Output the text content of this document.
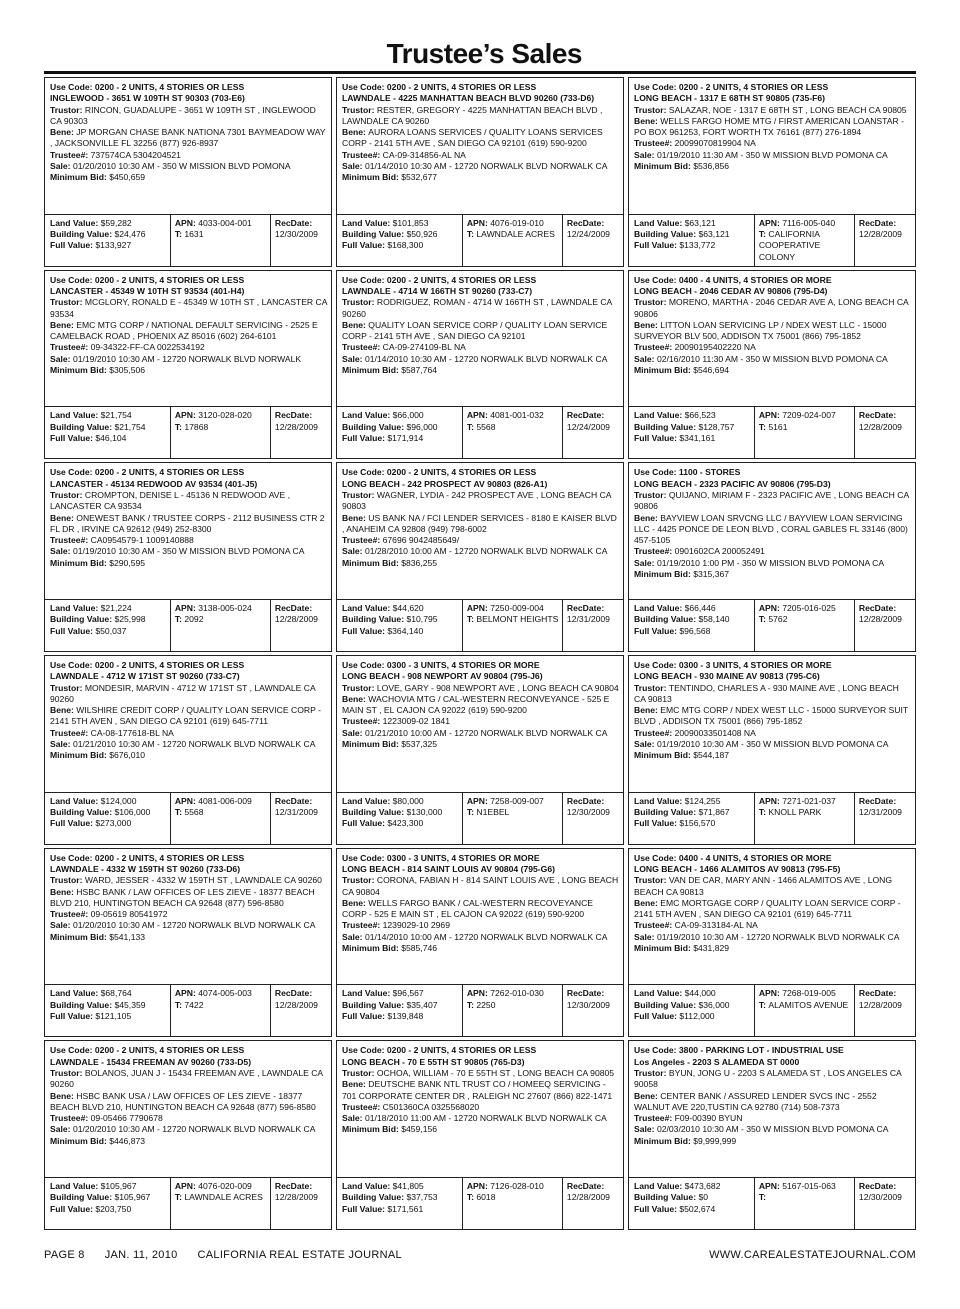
Trustee’s Sales
Use Code: 0200 - 2 UNITS, 4 STORIES OR LESS
INGLEWOOD - 3651 W 109TH ST 90303 (703-E6)
Trustor: RINCON, GUADALUPE - 3651 W 109TH ST , INGLEWOOD CA 90303
Bene: JP MORGAN CHASE BANK NATIONA 7301 BAYMEADOW WAY , JACKSONVILLE FL 32256 (877) 926-8937
Trustee#: 737574CA 5304204521
Sale: 01/20/2010 10:30 AM - 350 W MISSION BLVD POMONA
Minimum Bid: $450,659
Land Value: $59,282
Building Value: $24,476
Full Value: $133,927
APN: 4033-004-001
T: 1631
RecDate:
12/30/2009
Use Code: 0200 - 2 UNITS, 4 STORIES OR LESS
LAWNDALE - 4225 MANHATTAN BEACH BLVD 90260 (733-D6)
Trustor: RESTER, GREGORY - 4225 MANHATTAN BEACH BLVD , LAWNDALE CA 90260
Bene: AURORA LOANS SERVICES / QUALITY LOANS SERVICES CORP - 2141 5TH AVE , SAN DIEGO CA 92101 (619) 590-9200
Trustee#: CA-09-314856-AL NA
Sale: 01/14/2010 10:30 AM - 12720 NORWALK BLVD NORWALK CA
Minimum Bid: $532,677
Land Value: $101,853
Building Value: $50,926
Full Value: $168,300
APN: 4076-019-010
T: LAWNDALE ACRES
RecDate:
12/24/2009
Use Code: 0200 - 2 UNITS, 4 STORIES OR LESS
LONG BEACH - 1317 E 68TH ST 90805 (735-F6)
Trustor: SALAZAR, NOE - 1317 E 68TH ST , LONG BEACH CA 90805
Bene: WELLS FARGO HOME MTG / FIRST AMERICAN LOANSTAR - PO BOX 961253, FORT WORTH TX 76161 (877) 276-1894
Trustee#: 20099070819904 NA
Sale: 01/19/2010 11:30 AM - 350 W MISSION BLVD POMONA CA
Minimum Bid: $536,856
Land Value: $63,121
Building Value: $63,121
Full Value: $133,772
APN: 7116-005-040
T: CALIFORNIA COOPERATIVE COLONY
RecDate:
12/28/2009
Use Code: 0200 - 2 UNITS, 4 STORIES OR LESS
LANCASTER - 45349 W 10TH ST 93534 (401-H4)
Trustor: MCGLORY, RONALD E - 45349 W 10TH ST , LANCASTER CA 93534
Bene: EMC MTG CORP / NATIONAL DEFAULT SERVICING - 2525 E CAMELBACK ROAD , PHOENIX AZ 85016 (602) 264-6101
Trustee#: 09-34322-FF-CA 0022534192
Sale: 01/19/2010 10:30 AM - 12720 NORWALK BLVD NORWALK
Minimum Bid: $305,506
Land Value: $21,754
Building Value: $21,754
Full Value: $46,104
APN: 3120-028-020
T: 17868
RecDate:
12/28/2009
Use Code: 0200 - 2 UNITS, 4 STORIES OR LESS
LAWNDALE - 4714 W 166TH ST 90260 (733-C7)
Trustor: RODRIGUEZ, ROMAN - 4714 W 166TH ST , LAWNDALE CA 90260
Bene: QUALITY LOAN SERVICE CORP / QUALITY LOAN SERVICE CORP - 2141 5TH AVE , SAN DIEGO CA 92101
Trustee#: CA-09-274109-BL NA
Sale: 01/14/2010 10:30 AM - 12720 NORWALK BLVD NORWALK CA
Minimum Bid: $587,764
Land Value: $66,000
Building Value: $96,000
Full Value: $171,914
APN: 4081-001-032
T: 5568
RecDate:
12/24/2009
Use Code: 0400 - 4 UNITS, 4 STORIES OR MORE
LONG BEACH - 2046 CEDAR AV 90806 (795-D4)
Trustor: MORENO, MARTHA - 2046 CEDAR AVE A, LONG BEACH CA 90806
Bene: LITTON LOAN SERVICING LP / NDEX WEST LLC - 15000 SURVEYOR BLV 500, ADDISON TX 75001 (866) 795-1852
Trustee#: 20090195402220 NA
Sale: 02/16/2010 11:30 AM - 350 W MISSION BLVD POMONA CA
Minimum Bid: $546,694
Land Value: $66,523
Building Value: $128,757
Full Value: $341,161
APN: 7209-024-007
T: 5161
RecDate:
12/28/2009
Use Code: 0200 - 2 UNITS, 4 STORIES OR LESS
LANCASTER - 45134 REDWOOD AV 93534 (401-J5)
Trustor: CROMPTON, DENISE L - 45136 N REDWOOD AVE , LANCASTER CA 93534
Bene: ONEWEST BANK / TRUSTEE CORPS - 2112 BUSINESS CTR 2 FL DR , IRVINE CA 92612 (949) 252-8300
Trustee#: CA0954579-1 1009140888
Sale: 01/19/2010 10:30 AM - 350 W MISSION BLVD POMONA CA
Minimum Bid: $290,595
Land Value: $21,224
Building Value: $25,998
Full Value: $50,037
APN: 3138-005-024
T: 2092
RecDate:
12/28/2009
Use Code: 0200 - 2 UNITS, 4 STORIES OR LESS
LONG BEACH - 242 PROSPECT AV 90803 (826-A1)
Trustor: WAGNER, LYDIA - 242 PROSPECT AVE , LONG BEACH CA 90803
Bene: US BANK NA / FCI LENDER SERVICES - 8180 E KAISER BLVD , ANAHEIM CA 92808 (949) 798-6002
Trustee#: 67696 9042485649/
Sale: 01/28/2010 10:00 AM - 12720 NORWALK BLVD NORWALK CA
Minimum Bid: $836,255
Land Value: $44,620
Building Value: $10,795
Full Value: $364,140
APN: 7250-009-004
T: BELMONT HEIGHTS
RecDate:
12/31/2009
Use Code: 1100 - STORES
LONG BEACH - 2323 PACIFIC AV 90806 (795-D3)
Trustor: QUIJANO, MIRIAM F - 2323 PACIFIC AVE , LONG BEACH CA 90806
Bene: BAYVIEW LOAN SRVCNG LLC / BAYVIEW LOAN SERVICING LLC - 4425 PONCE DE LEON BLVD , CORAL GABLES FL 33146 (800) 457-5105
Trustee#: 0901602CA 200052491
Sale: 01/19/2010 1:00 PM - 350 W MISSION BLVD POMONA CA
Minimum Bid: $315,367
Land Value: $66,446
Building Value: $58,140
Full Value: $96,568
APN: 7205-016-025
T: 5762
RecDate:
12/28/2009
Use Code: 0200 - 2 UNITS, 4 STORIES OR LESS
LAWNDALE - 4712 W 171ST ST 90260 (733-C7)
Trustor: MONDESIR, MARVIN - 4712 W 171ST ST , LAWNDALE CA 90260
Bene: WILSHIRE CREDIT CORP / QUALITY LOAN SERVICE CORP - 2141 5TH AVEN , SAN DIEGO CA 92101 (619) 645-7711
Trustee#: CA-08-177618-BL NA
Sale: 01/21/2010 10:30 AM - 12720 NORWALK BLVD NORWALK CA
Minimum Bid: $676,010
Land Value: $124,000
Building Value: $106,000
Full Value: $273,000
APN: 4081-006-009
T: 5568
RecDate:
12/31/2009
Use Code: 0300 - 3 UNITS, 4 STORIES OR MORE
LONG BEACH - 908 NEWPORT AV 90804 (795-J6)
Trustor: LOVE, GARY - 908 NEWPORT AVE , LONG BEACH CA 90804
Bene: WACHOVIA MTG / CAL-WESTERN RECONVEYANCE - 525 E MAIN ST , EL CAJON CA 92022 (619) 590-9200
Trustee#: 1223009-02 1841
Sale: 01/21/2010 10:00 AM - 12720 NORWALK BLVD NORWALK CA
Minimum Bid: $537,325
Land Value: $80,000
Building Value: $130,000
Full Value: $423,300
APN: 7258-009-007
T: N1EBEL
RecDate:
12/30/2009
Use Code: 0300 - 3 UNITS, 4 STORIES OR MORE
LONG BEACH - 930 MAINE AV 90813 (795-C6)
Trustor: TENTINDO, CHARLES A - 930 MAINE AVE , LONG BEACH CA 90813
Bene: EMC MTG CORP / NDEX WEST LLC - 15000 SURVEYOR SUIT BLVD , ADDISON TX 75001 (866) 795-1852
Trustee#: 20090033501408 NA
Sale: 01/19/2010 10:30 AM - 350 W MISSION BLVD POMONA CA
Minimum Bid: $544,187
Land Value: $124,255
Building Value: $71,867
Full Value: $156,570
APN: 7271-021-037
T: KNOLL PARK
RecDate:
12/31/2009
Use Code: 0200 - 2 UNITS, 4 STORIES OR LESS
LAWNDALE - 4332 W 159TH ST 90260 (733-D6)
Trustor: WARD, JESSER - 4332 W 159TH ST , LAWNDALE CA 90260
Bene: HSBC BANK / LAW OFFICES OF LES ZIEVE - 18377 BEACH BLVD 210, HUNTINGTON BEACH CA 92648 (877) 596-8580
Trustee#: 09-05619 80541972
Sale: 01/20/2010 10:30 AM - 12720 NORWALK BLVD NORWALK CA
Minimum Bid: $541,133
Land Value: $68,764
Building Value: $45,359
Full Value: $121,105
APN: 4074-005-003
T: 7422
RecDate:
12/28/2009
Use Code: 0300 - 3 UNITS, 4 STORIES OR MORE
LONG BEACH - 814 SAINT LOUIS AV 90804 (795-G6)
Trustor: CORONA, FABIAN H - 814 SAINT LOUIS AVE , LONG BEACH CA 90804
Bene: WELLS FARGO BANK / CAL-WESTERN RECOVEYANCE CORP - 525 E MAIN ST , EL CAJON CA 92022 (619) 590-9200
Trustee#: 1239029-10 2969
Sale: 01/14/2010 10:00 AM - 12720 NORWALK BLVD NORWALK CA
Minimum Bid: $585,746
Land Value: $96,567
Building Value: $35,407
Full Value: $139,848
APN: 7262-010-030
T: 2250
RecDate:
12/30/2009
Use Code: 0400 - 4 UNITS, 4 STORIES OR MORE
LONG BEACH - 1466 ALAMITOS AV 90813 (795-F5)
Trustor: VAN DE CAR, MARY ANN - 1466 ALAMITOS AVE , LONG BEACH CA 90813
Bene: EMC MORTGAGE CORP / QUALITY LOAN SERVICE CORP - 2141 5TH AVEN , SAN DIEGO CA 92101 (619) 645-7711
Trustee#: CA-09-313184-AL NA
Sale: 01/19/2010 10:30 AM - 12720 NORWALK BLVD NORWALK CA
Minimum Bid: $431,829
Land Value: $44,000
Building Value: $36,000
Full Value: $112,000
APN: 7268-019-005
T: ALAMITOS AVENUE
RecDate:
12/28/2009
Use Code: 0200 - 2 UNITS, 4 STORIES OR LESS
LAWNDALE - 15434 FREEMAN AV 90260 (733-D5)
Trustor: BOLANOS, JUAN J - 15434 FREEMAN AVE , LAWNDALE CA 90260
Bene: HSBC BANK USA / LAW OFFICES OF LES ZIEVE - 18377 BEACH BLVD 210, HUNTINGTON BEACH CA 92648 (877) 596-8580
Trustee#: 09-05466 7790678
Sale: 01/20/2010 10:30 AM - 12720 NORWALK BLVD NORWALK CA
Minimum Bid: $446,873
Land Value: $105,967
Building Value: $105,967
Full Value: $203,750
APN: 4076-020-009
T: LAWNDALE ACRES
RecDate:
12/28/2009
Use Code: 0200 - 2 UNITS, 4 STORIES OR LESS
LONG BEACH - 70 E 55TH ST 90805 (765-D3)
Trustor: OCHOA, WILLIAM - 70 E 55TH ST , LONG BEACH CA 90805
Bene: DEUTSCHE BANK NTL TRUST CO / HOMEEQ SERVICING - 701 CORPORATE CENTER DR , RALEIGH NC 27607 (866) 822-1471
Trustee#: C501360CA 0325568020
Sale: 01/18/2010 11:00 AM - 12720 NORWALK BLVD NORWALK CA
Minimum Bid: $459,156
Land Value: $41,805
Building Value: $37,753
Full Value: $171,561
APN: 7126-028-010
T: 6018
RecDate:
12/28/2009
Use Code: 3800 - PARKING LOT - INDUSTRIAL USE
Los Angeles - 2203 S ALAMEDA ST 0000
Trustor: BYUN, JONG U - 2203 S ALAMEDA ST , LOS ANGELES CA 90058
Bene: CENTER BANK / ASSURED LENDER SVCS INC - 2552 WALNUT AVE 220,TUSTIN CA 92780 (714) 508-7373
Trustee#: F09-00390 BYUN
Sale: 02/03/2010 10:30 AM - 350 W MISSION BLVD POMONA CA
Minimum Bid: $9,999,999
Land Value: $473,682
Building Value: $0
Full Value: $502,674
APN: 5167-015-063
T:
RecDate:
12/30/2009
PAGE 8 JAN. 11, 2010 CALIFORNIA REAL ESTATE JOURNAL	WWW.CAREALESTATEJOURNAL.COM
